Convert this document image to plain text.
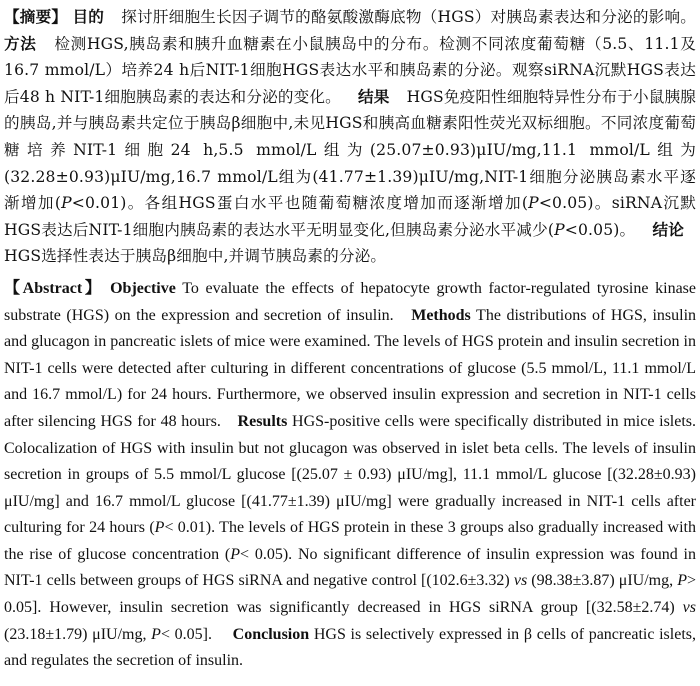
【摘要】 目的 探讨肝细胞生长因子调节的酪氨酸激酶底物（HGS）对胰岛素表达和分泌的影响。 方法 检测HGS,胰岛素和胰升血糖素在小鼠胰岛中的分布。检测不同浓度葡萄糖（5.5、11.1及16.7 mmol/L）培养24 h后NIT-1细胞HGS表达水平和胰岛素的分泌。观察siRNA沉默HGS表达后48 h NIT-1细胞胰岛素的表达和分泌的变化。 结果 HGS免疫阳性细胞特异性分布于小鼠胰腺的胰岛,并与胰岛素共定位于胰岛β细胞中,未见HGS和胰高血糖素阳性荧光双标细胞。不同浓度葡萄糖培养NIT-1细胞24 h,5.5 mmol/L组为(25.07±0.93)μIU/mg,11.1 mmol/L组为(32.28±0.93)μIU/mg,16.7 mmol/L组为(41.77±1.39)μIU/mg,NIT-1细胞分泌胰岛素水平逐渐增加(P<0.01)。各组HGS蛋白水平也随葡萄糖浓度增加而逐渐增加(P<0.05)。siRNA沉默HGS表达后NIT-1细胞内胰岛素的表达水平无明显变化,但胰岛素分泌水平减少(P<0.05)。 结论 HGS选择性表达于胰岛β细胞中,并调节胰岛素的分泌。

【Abstract】 Objective To evaluate the effects of hepatocyte growth factor-regulated tyrosine kinase substrate (HGS) on the expression and secretion of insulin. Methods The distributions of HGS, insulin and glucagon in pancreatic islets of mice were examined. The levels of HGS protein and insulin secretion in NIT-1 cells were detected after culturing in different concentrations of glucose (5.5 mmol/L, 11.1 mmol/L and 16.7 mmol/L) for 24 hours. Furthermore, we observed insulin expression and secretion in NIT-1 cells after silencing HGS for 48 hours. Results HGS-positive cells were specifically distributed in mice islets. Colocalization of HGS with insulin but not glucagon was observed in islet beta cells. The levels of insulin secretion in groups of 5.5 mmol/L glucose [(25.07 ± 0.93) μIU/mg], 11.1 mmol/L glucose [(32.28±0.93) μIU/mg] and 16.7 mmol/L glucose [(41.77±1.39) μIU/mg] were gradually increased in NIT-1 cells after culturing for 24 hours (P< 0.01). The levels of HGS protein in these 3 groups also gradually increased with the rise of glucose concentration (P< 0.05). No significant difference of insulin expression was found in NIT-1 cells between groups of HGS siRNA and negative control [(102.6±3.32) vs (98.38±3.87) μIU/mg, P> 0.05]. However, insulin secretion was significantly decreased in HGS siRNA group [(32.58±2.74) vs (23.18±1.79) μIU/mg, P< 0.05]. Conclusion HGS is selectively expressed in β cells of pancreatic islets, and regulates the secretion of insulin.
